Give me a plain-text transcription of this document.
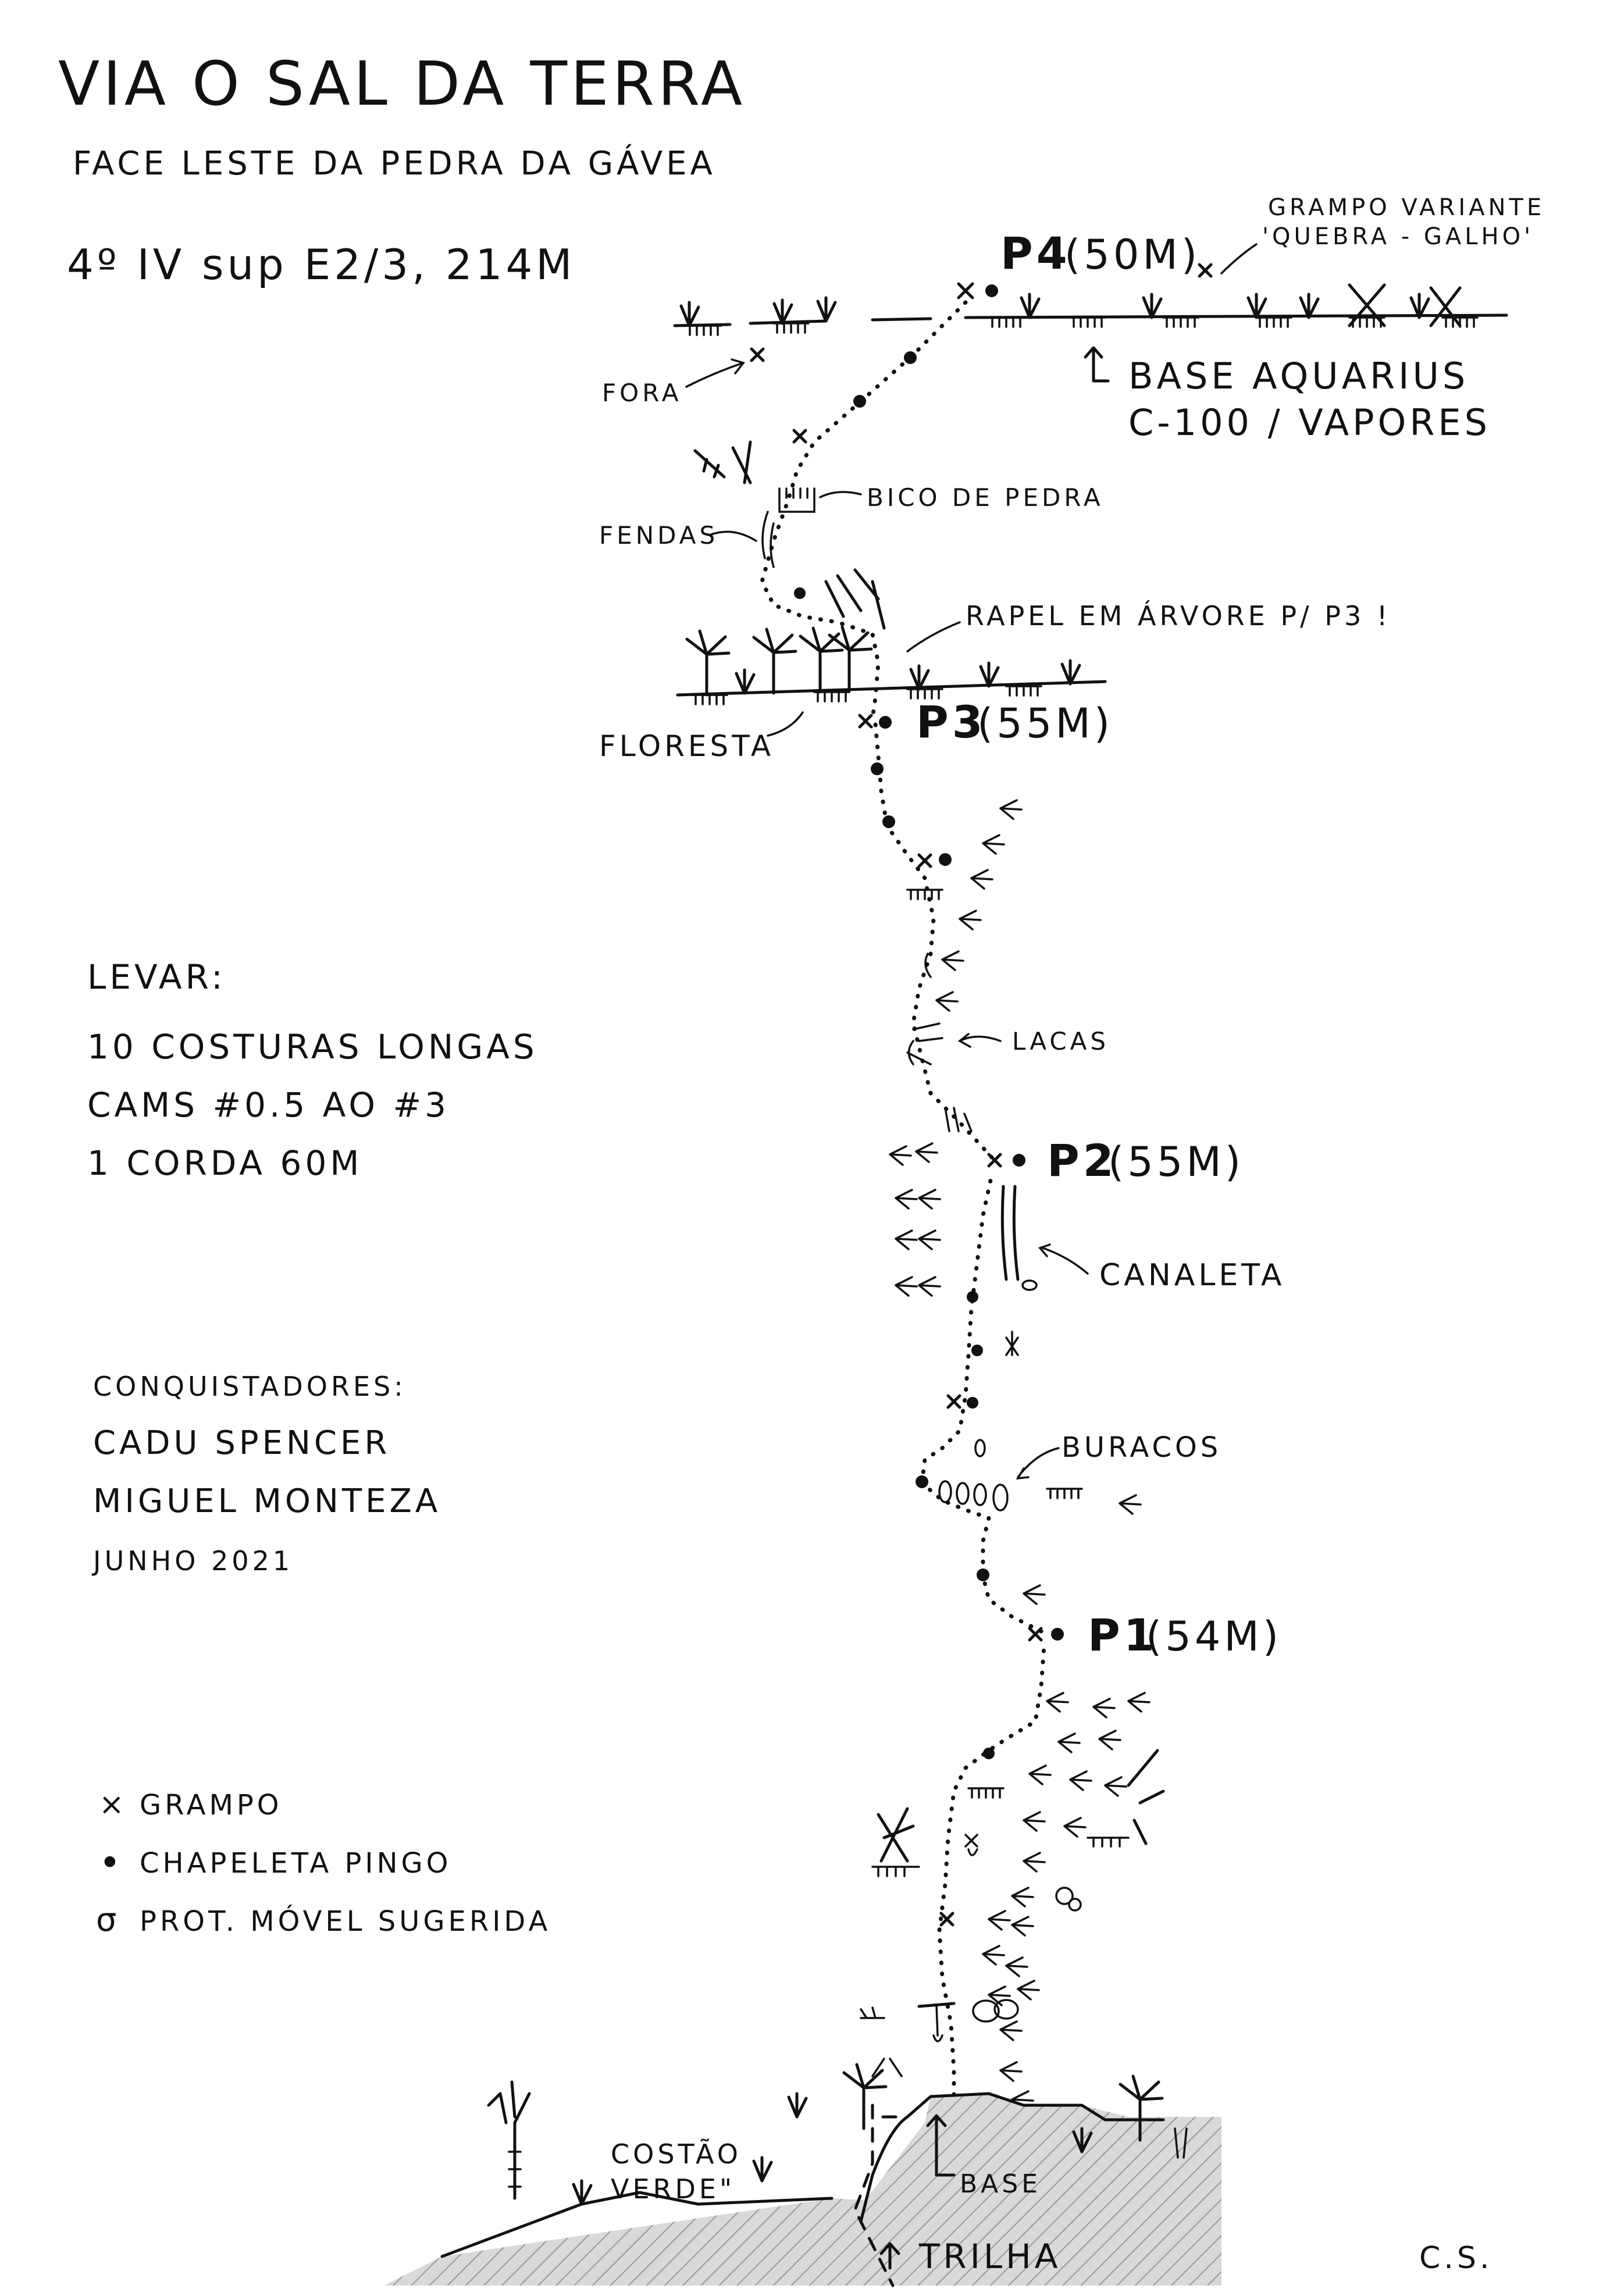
VIA O SAL DA TERRA
FACE LESTE DA PEDRA DA GÁVEA
4º IV sup E2/3, 214M	P4
(50M)
GRAMPO VARIANTE
'QUEBRA - GALHO'
BASE AQUARIUS
C-100 / VAPORES
FORA
BICO DE PEDRA
FENDAS
RAPEL EM ÁRVORE P/ P3 !
FLORESTA	P3
(55M)
LACAS
P2
(55M)
CANALETA
BURACOS
P1
(54M)
COSTÃO
VERDE"	BASE
TRILHA
LEVAR:
10 COSTURAS LONGAS
CAMS #0.5 AO #3
1 CORDA 60M
CONQUISTADORES:
CADU SPENCER
MIGUEL MONTEZA
JUNHO 2021
× GRAMPO
• CHAPELETA PINGO
σ PROT. MÓVEL SUGERIDA
C.S.
